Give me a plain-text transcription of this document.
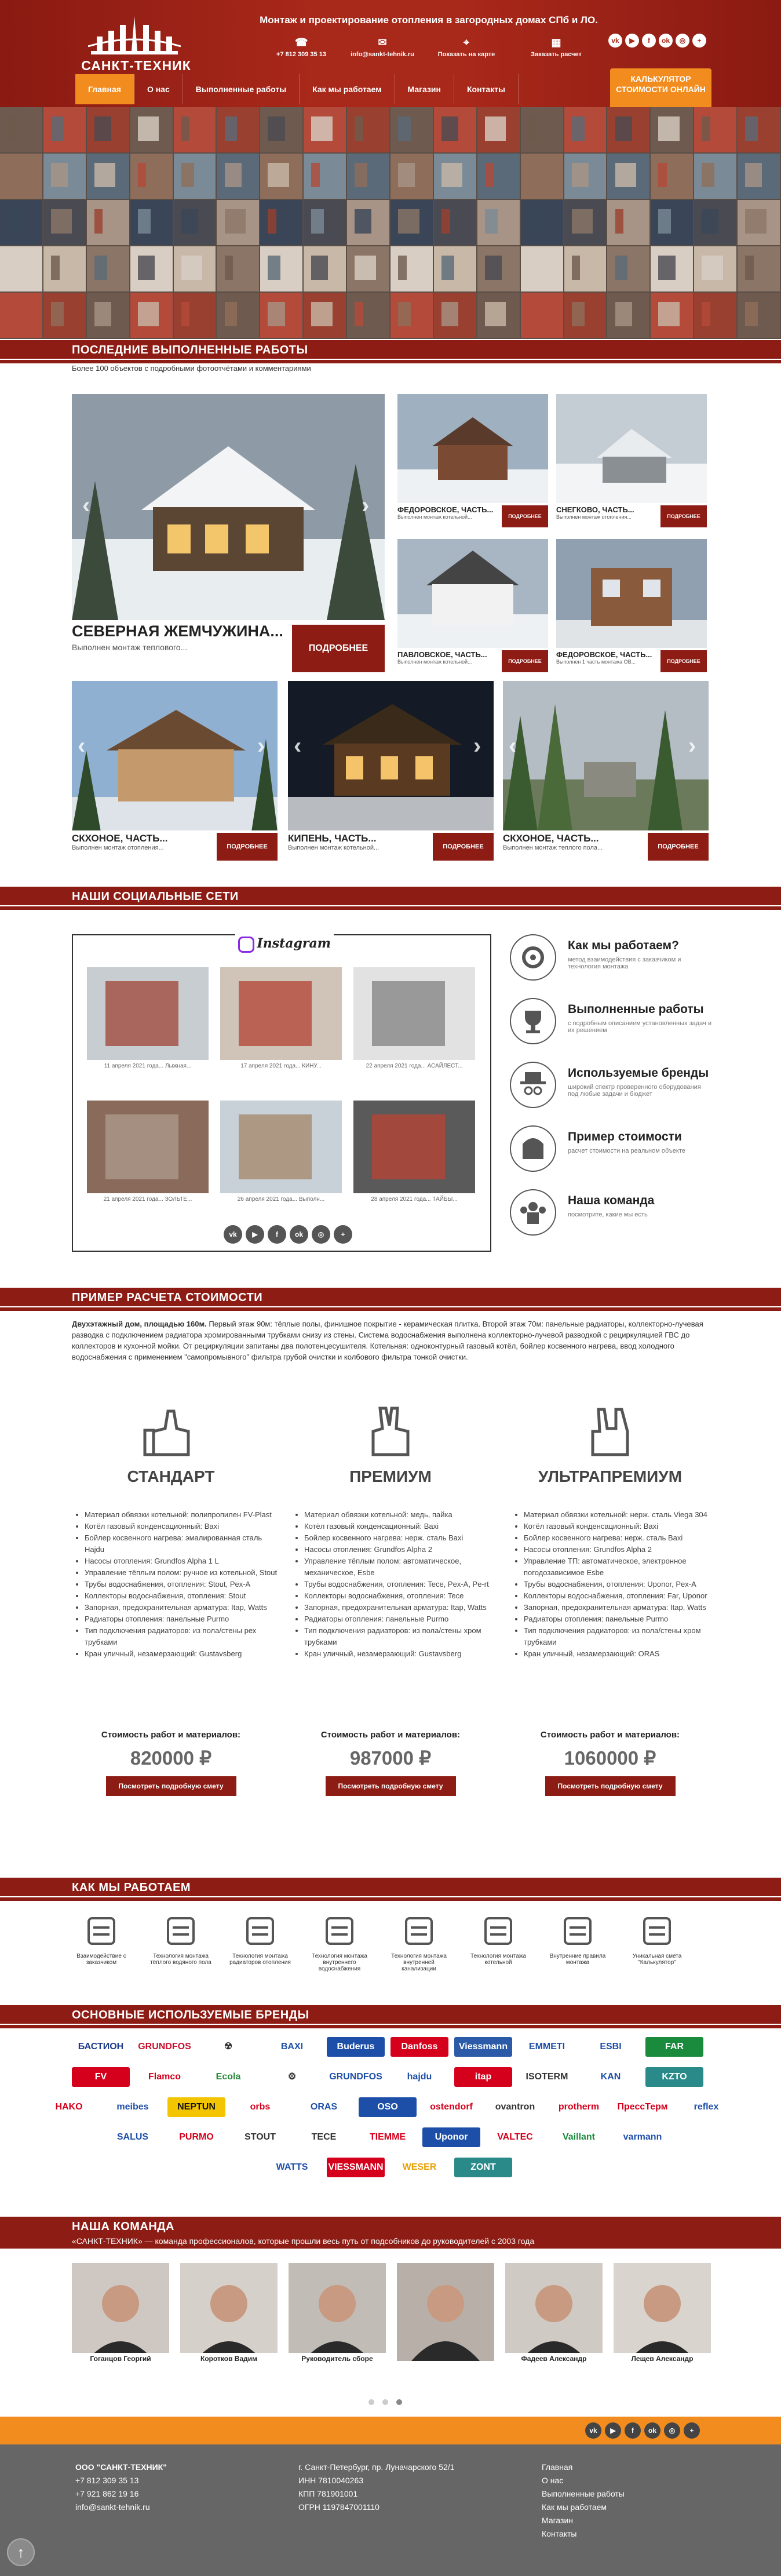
САНКТ-ТЕХНИК
Монтаж и проектирование отопления в загородных домах СПб и ЛО.
☎
+7 812 309 35 13
✉
info@sankt-tehnik.ru
⌖
Показать на карте
▦
Заказать расчет
vk	▶	f	ok	◎	+
Главная	О нас	Выполненные работы	Как мы работаем	Магазин	Контакты
КАЛЬКУЛЯТОР СТОИМОСТИ ОНЛАЙН
ПОСЛЕДНИЕ ВЫПОЛНЕННЫЕ РАБОТЫ
Более 100 объектов с подробными фотоотчётами и комментариями
‹	›
СЕВЕРНАЯ ЖЕМЧУЖИНА...
Выполнен монтаж теплового...	ПОДРОБНЕЕ
ФЕДОРОВСКОЕ, ЧАСТЬ...
Выполнен монтаж котельной...	ПОДРОБНЕЕ
СНЕГКОВО, ЧАСТЬ...
Выполнен монтаж отопления...	ПОДРОБНЕЕ
ПАВЛОВСКОЕ, ЧАСТЬ...
Выполнен монтаж котельной...	ПОДРОБНЕЕ
ФЕДОРОВСКОЕ, ЧАСТЬ...
Выполнен 1 часть монтажа ОВ...	ПОДРОБНЕЕ
‹	›
СКХОНОЕ, ЧАСТЬ...
Выполнен монтаж отопления...	ПОДРОБНЕЕ
‹	›
КИПЕНЬ, ЧАСТЬ...
Выполнен монтаж котельной...	ПОДРОБНЕЕ
‹	›
СКХОНОЕ, ЧАСТЬ...
Выполнен монтаж теплого пола...	ПОДРОБНЕЕ
НАШИ СОЦИАЛЬНЫЕ СЕТИ
Instagram
11 апреля 2021 года... Лыжная...	17 апреля 2021 года... КИНУ...	22 апреля 2021 года... АСАЙЛЕСТ...
21 апреля 2021 года... ЗОЛЬТЕ...	26 апреля 2021 года... Выполн...	28 апреля 2021 года... ТАЙБЫ...
vk	▶	f	ok	◎	+
Как мы работаем?
метод взаимодействия с заказчиком и технология монтажа
Выполненные работы
с подробным описанием установленных задач и их решением
Используемые бренды
широкий спектр проверенного оборудования под любые задачи и бюджет
Пример стоимости
расчет стоимости на реальном объекте
Наша команда
посмотрите, какие мы есть
ПРИМЕР РАСЧЕТА СТОИМОСТИ
Двухэтажный дом, площадью 160м. Первый этаж 90м: тёплые полы, финишное покрытие - керамическая плитка. Второй этаж 70м: панельные радиаторы, коллекторно-лучевая разводка с подключением радиатора хромированными трубками снизу из стены. Система водоснабжения выполнена коллекторно-лучевой разводкой с рециркуляцией ГВС до коллекторов и кухонной мойки. От рециркуляции запитаны два полотенцесушителя. Котельная: одноконтурный газовый котёл, бойлер косвенного нагрева, ввод холодного водоснабжения с применением "самопромывного" фильтра грубой очистки и колбового фильтра тонкой очистки.
СТАНДАРТ
• Материал обвязки котельной: полипропилен FV-Plast
• Котёл газовый конденсационный: Baxi
• Бойлер косвенного нагрева: эмалированная сталь Hajdu
• Насосы отопления: Grundfos Alpha 1 L
• Управление тёплым полом: ручное из котельной, Stout
• Трубы водоснабжения, отопления: Stout, Pex-A
• Коллекторы водоснабжения, отопления: Stout
• Запорная, предохранительная арматура: Itap, Watts
• Радиаторы отопления: панельные Purmo
• Тип подключения радиаторов: из пола/стены рех трубками
• Кран уличный, незамерзающий: Gustavsberg
ПРЕМИУМ
• Материал обвязки котельной: медь, пайка
• Котёл газовый конденсационный: Baxi
• Бойлер косвенного нагрева: нерж. сталь Baxi
• Насосы отопления: Grundfos Alpha 2
• Управление тёплым полом: автоматическое, механическое, Esbe
• Трубы водоснабжения, отопления: Tece, Pex-A, Pe-rt
• Коллекторы водоснабжения, отопления: Tece
• Запорная, предохранительная арматура: Itap, Watts
• Радиаторы отопления: панельные Purmo
• Тип подключения радиаторов: из пола/стены хром трубками
• Кран уличный, незамерзающий: Gustavsberg
УЛЬТРАПРЕМИУМ
• Материал обвязки котельной: нерж. сталь Viega 304
• Котёл газовый конденсационный: Baxi
• Бойлер косвенного нагрева: нерж. сталь Baxi
• Насосы отопления: Grundfos Alpha 2
• Управление ТП: автоматическое, электронное погодозависимое Esbe
• Трубы водоснабжения, отопления: Uponor, Pex-A
• Коллекторы водоснабжения, отопления: Far, Uponor
• Запорная, предохранительная арматура: Itap, Watts
• Радиаторы отопления: панельные Purmo
• Тип подключения радиаторов: из пола/стены хром трубками
• Кран уличный, незамерзающий: ORAS
Стоимость работ и материалов:
820000 ₽
Посмотреть подробную смету
Стоимость работ и материалов:
987000 ₽
Посмотреть подробную смету
Стоимость работ и материалов:
1060000 ₽
Посмотреть подробную смету
КАК МЫ РАБОТАЕМ
Взаимодействие с заказчиком
Технология монтажа тёплого водяного пола
Технология монтажа радиаторов отопления
Технология монтажа внутреннего водоснабжения
Технология монтажа внутренней канализации
Технология монтажа котельной
Внутренние правила монтажа
Уникальная смета "Калькулятор"
ОСНОВНЫЕ ИСПОЛЬЗУЕМЫЕ БРЕНДЫ
БАСТИОН	GRUNDFOS	☢	BAXI	Buderus	Danfoss	Viessmann	EMMETI	ESBI	FAR
FV	Flamco	Ecola	⚙	GRUNDFOS	hajdu	itap	ISOTERM	KAN	KZTO
HAKO	meibes	NEPTUN	orbs	ORAS	OSO	ostendorf	ovantron	protherm	ПрессТерм	reflex
SALUS	PURMO	STOUT	TECE	TIEMME	Uponor	VALTEC	Vaillant	varmann
WATTS	VIESSMANN	WESER	ZONT
НАША КОМАНДА
«САНКТ-ТЕХНИК» — команда профессионалов, которые прошли весь путь от подсобников до руководителей с 2003 года
Гоганцов Георгий	Коротков Вадим	Руководитель сборе	Фадеев Александр	Лещев Александр
vk	▶	f	ok	◎	+
ООО "САНКТ-ТЕХНИК"
+7 812 309 35 13
+7 921 862 19 16
info@sankt-tehnik.ru
г. Санкт-Петербург, пр. Луначарского 52/1
ИНН 7810040263
КПП 781901001
ОГРН 1197847001110
Главная
О нас
Выполненные работы
Как мы работаем
Магазин
Контакты
↑
